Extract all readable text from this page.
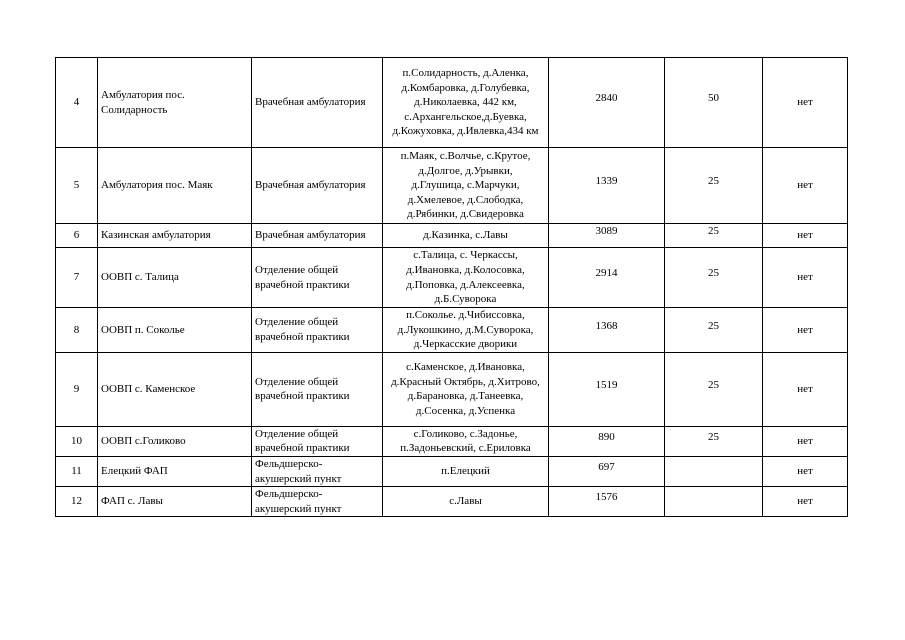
4	Амбулатория пос.
Солидарность	Врачебная амбулатория	п.Солидарность, д.Аленка,
д.Комбаровка, д.Голубевка,
д.Николаевка, 442 км,
с.Архангельское,д.Буевка,
д.Кожуховка, д.Ивлевка,434 км	2840	50	нет
5	Амбулатория пос. Маяк	Врачебная амбулатория	п.Маяк, с.Волчье, с.Крутое,
д.Долгое, д.Урывки,
д.Глушица, с.Марчуки,
д.Хмелевое, д.Слободка,
д.Рябинки, д.Свидеровка	1339	25	нет
6	Казинская амбулатория	Врачебная амбулатория	д.Казинка, с.Лавы	3089	25	нет
7	ООВП с. Талица	Отделение общей
врачебной практики	с.Талица, с. Черкассы,
д.Ивановка, д.Колосовка,
д.Поповка, д.Алексеевка,
д.Б.Суворока	2914	25	нет
8	ООВП п. Соколье	Отделение общей
врачебной практики	п.Соколье. д.Чибиссовка,
д.Лукошкино, д.М.Суворока,
д.Черкасские дворики	1368	25	нет
9	ООВП с. Каменское	Отделение общей
врачебной практики	с.Каменское, д.Ивановка,
д.Красный Октябрь, д.Хитрово,
д.Барановка, д.Танеевка,
д.Сосенка, д.Успенка	1519	25	нет
10	ООВП с.Голиково	Отделение общей
врачебной практики	с.Голиково, с.Задонье,
п.Задоньевский, с.Ериловка	890	25	нет
11	Елецкий ФАП	Фельдшерско-
акушерский пункт	п.Елецкий	697		нет
12	ФАП с. Лавы	Фельдшерско-
акушерский пункт	с.Лавы	1576		нет
